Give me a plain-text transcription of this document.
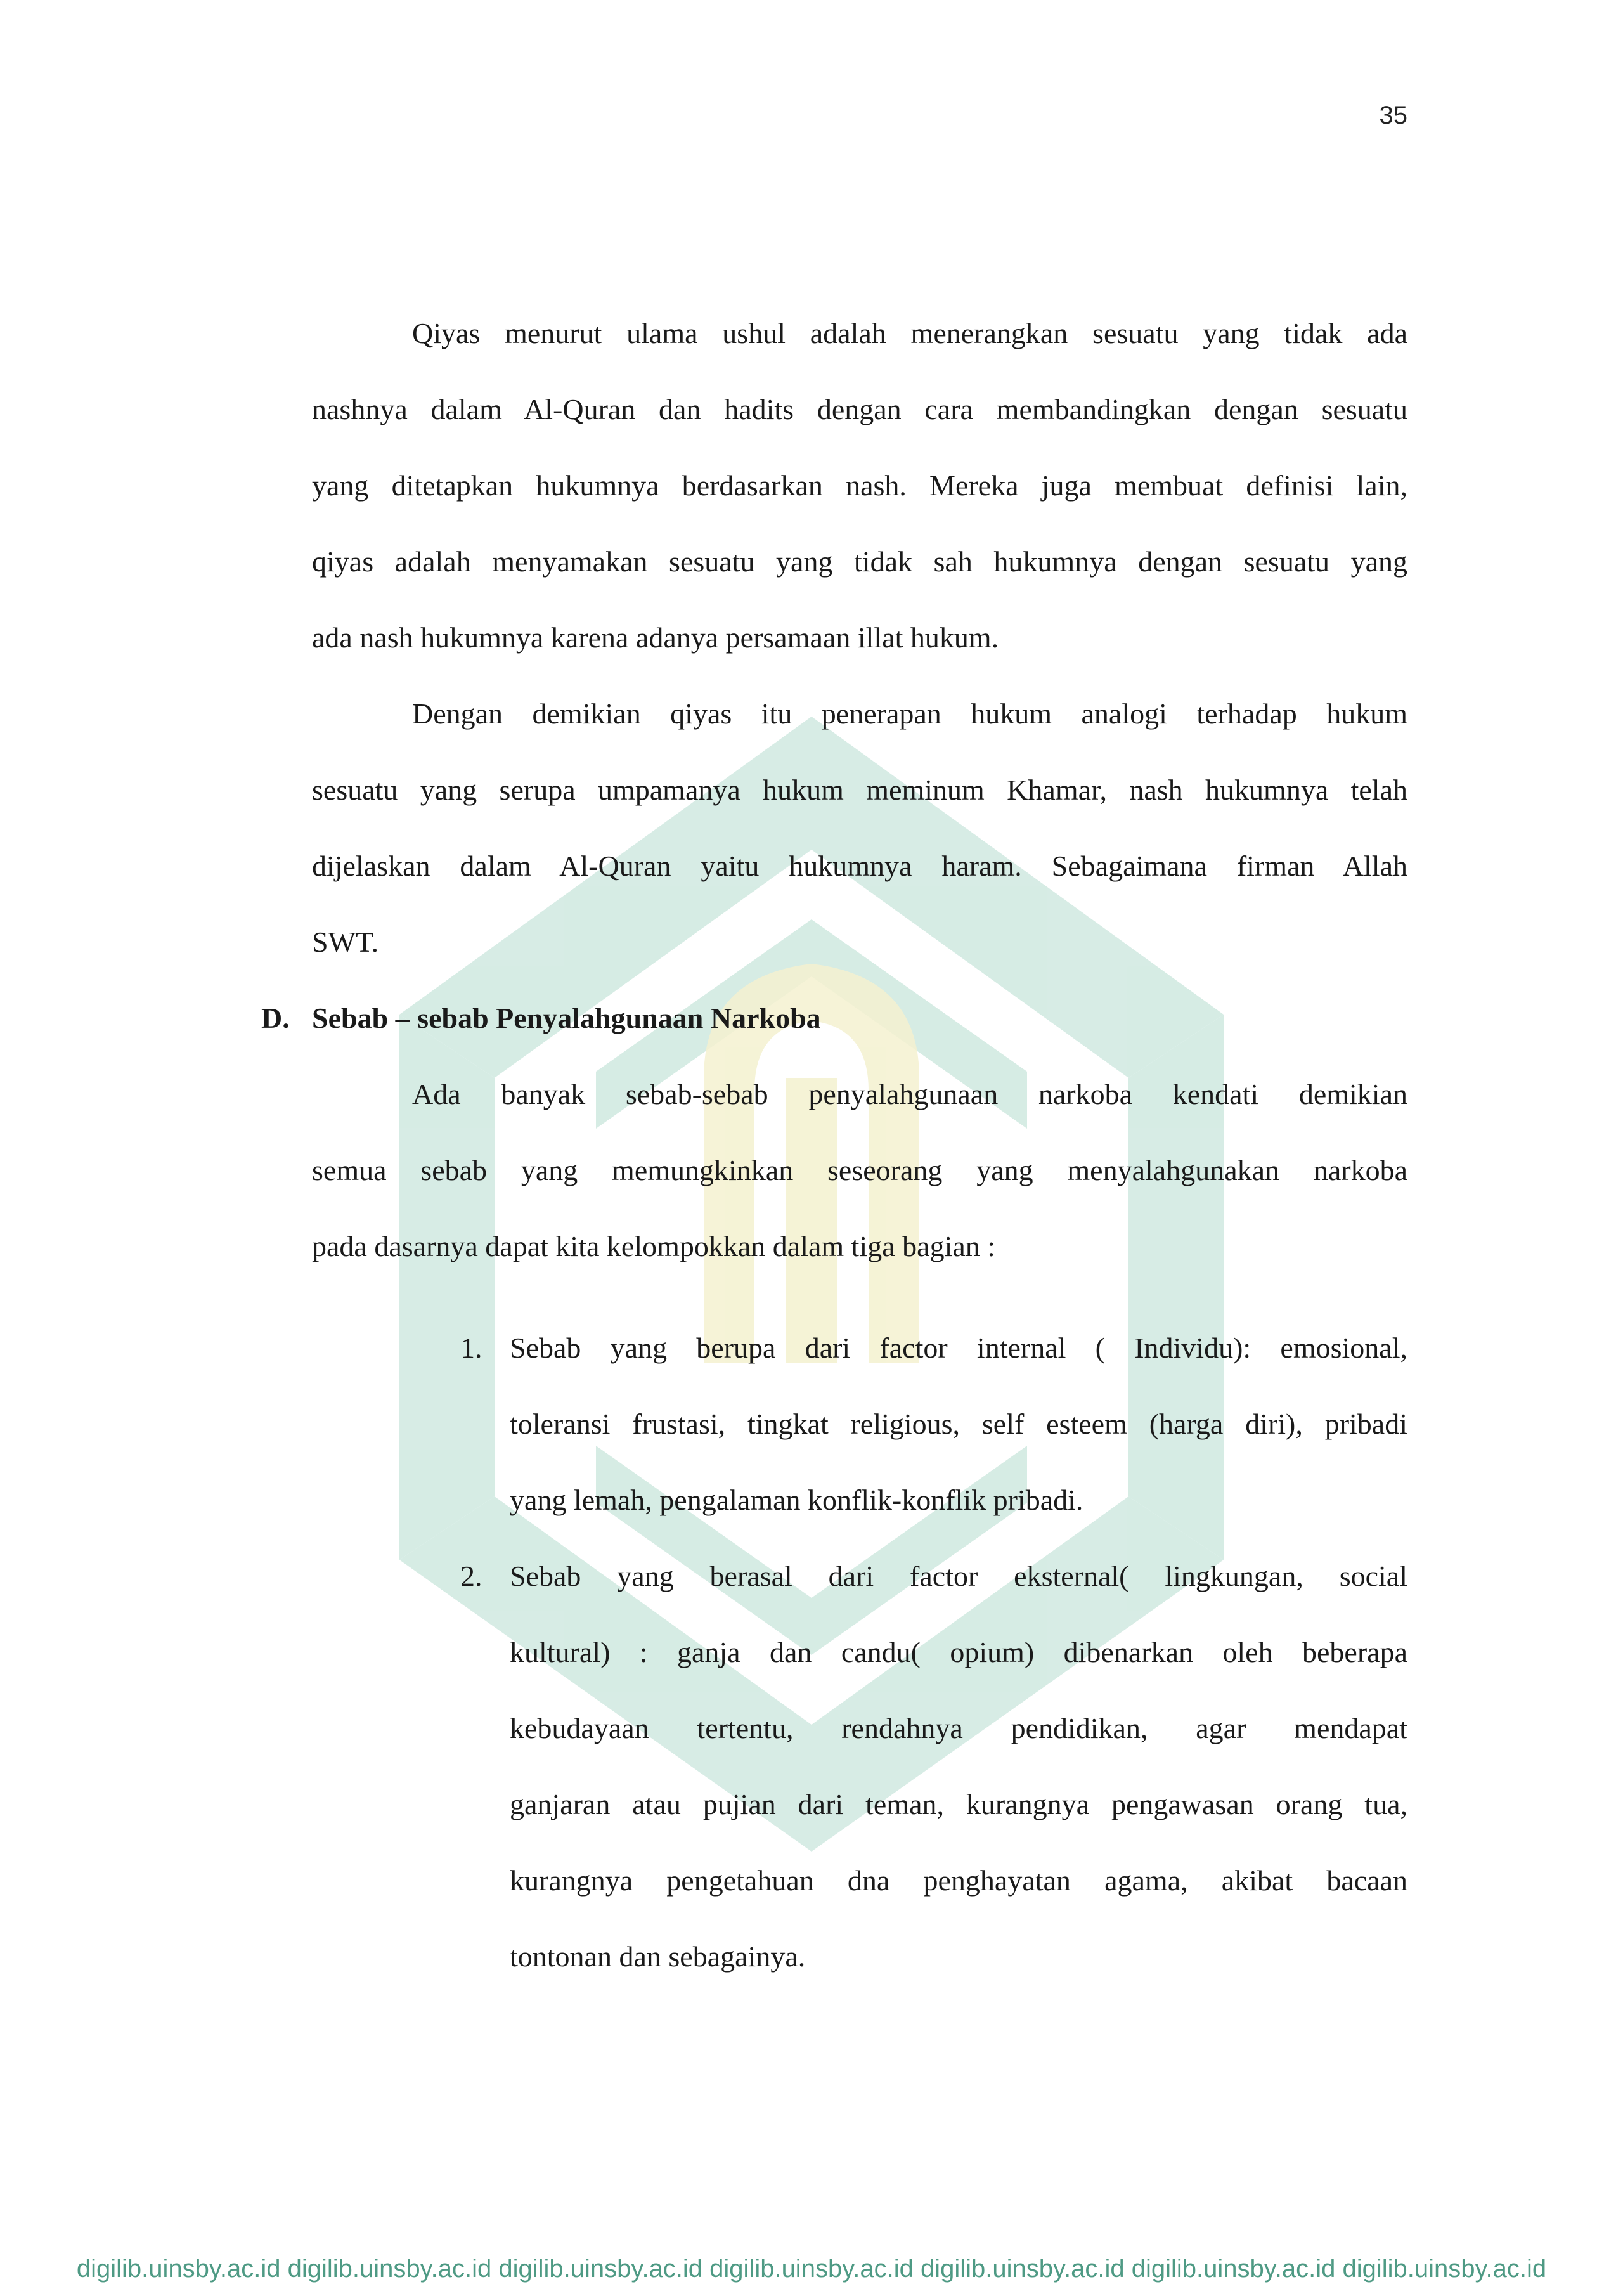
35
Qiyas menurut ulama ushul adalah menerangkan sesuatu yang tidak ada
nashnya dalam Al-Quran dan hadits dengan cara membandingkan dengan sesuatu
yang ditetapkan hukumnya berdasarkan nash. Mereka juga membuat definisi lain,
qiyas adalah menyamakan sesuatu yang tidak sah hukumnya dengan sesuatu yang
ada nash hukumnya karena adanya persamaan illat hukum.
Dengan demikian qiyas itu penerapan hukum analogi terhadap hukum
sesuatu yang serupa umpamanya hukum meminum Khamar, nash hukumnya telah
dijelaskan dalam Al-Quran yaitu hukumnya haram. Sebagaimana firman Allah
SWT.
D. Sebab – sebab Penyalahgunaan Narkoba
Ada banyak sebab-sebab penyalahgunaan narkoba kendati demikian
semua sebab yang memungkinkan seseorang yang menyalahgunakan narkoba
pada dasarnya dapat kita kelompokkan dalam tiga bagian :
1. Sebab yang berupa dari factor internal ( Individu): emosional,
toleransi frustasi, tingkat religious, self esteem (harga diri), pribadi
yang lemah, pengalaman konflik-konflik pribadi.
2. Sebab yang berasal dari factor eksternal( lingkungan, social
kultural) : ganja dan candu( opium) dibenarkan oleh beberapa
kebudayaan tertentu, rendahnya pendidikan, agar mendapat
ganjaran atau pujian dari teman, kurangnya pengawasan orang tua,
kurangnya pengetahuan dna penghayatan agama, akibat bacaan
tontonan dan sebagainya.
digilib.uinsby.ac.id digilib.uinsby.ac.id digilib.uinsby.ac.id digilib.uinsby.ac.id digilib.uinsby.ac.id digilib.uinsby.ac.id digilib.uinsby.ac.id
